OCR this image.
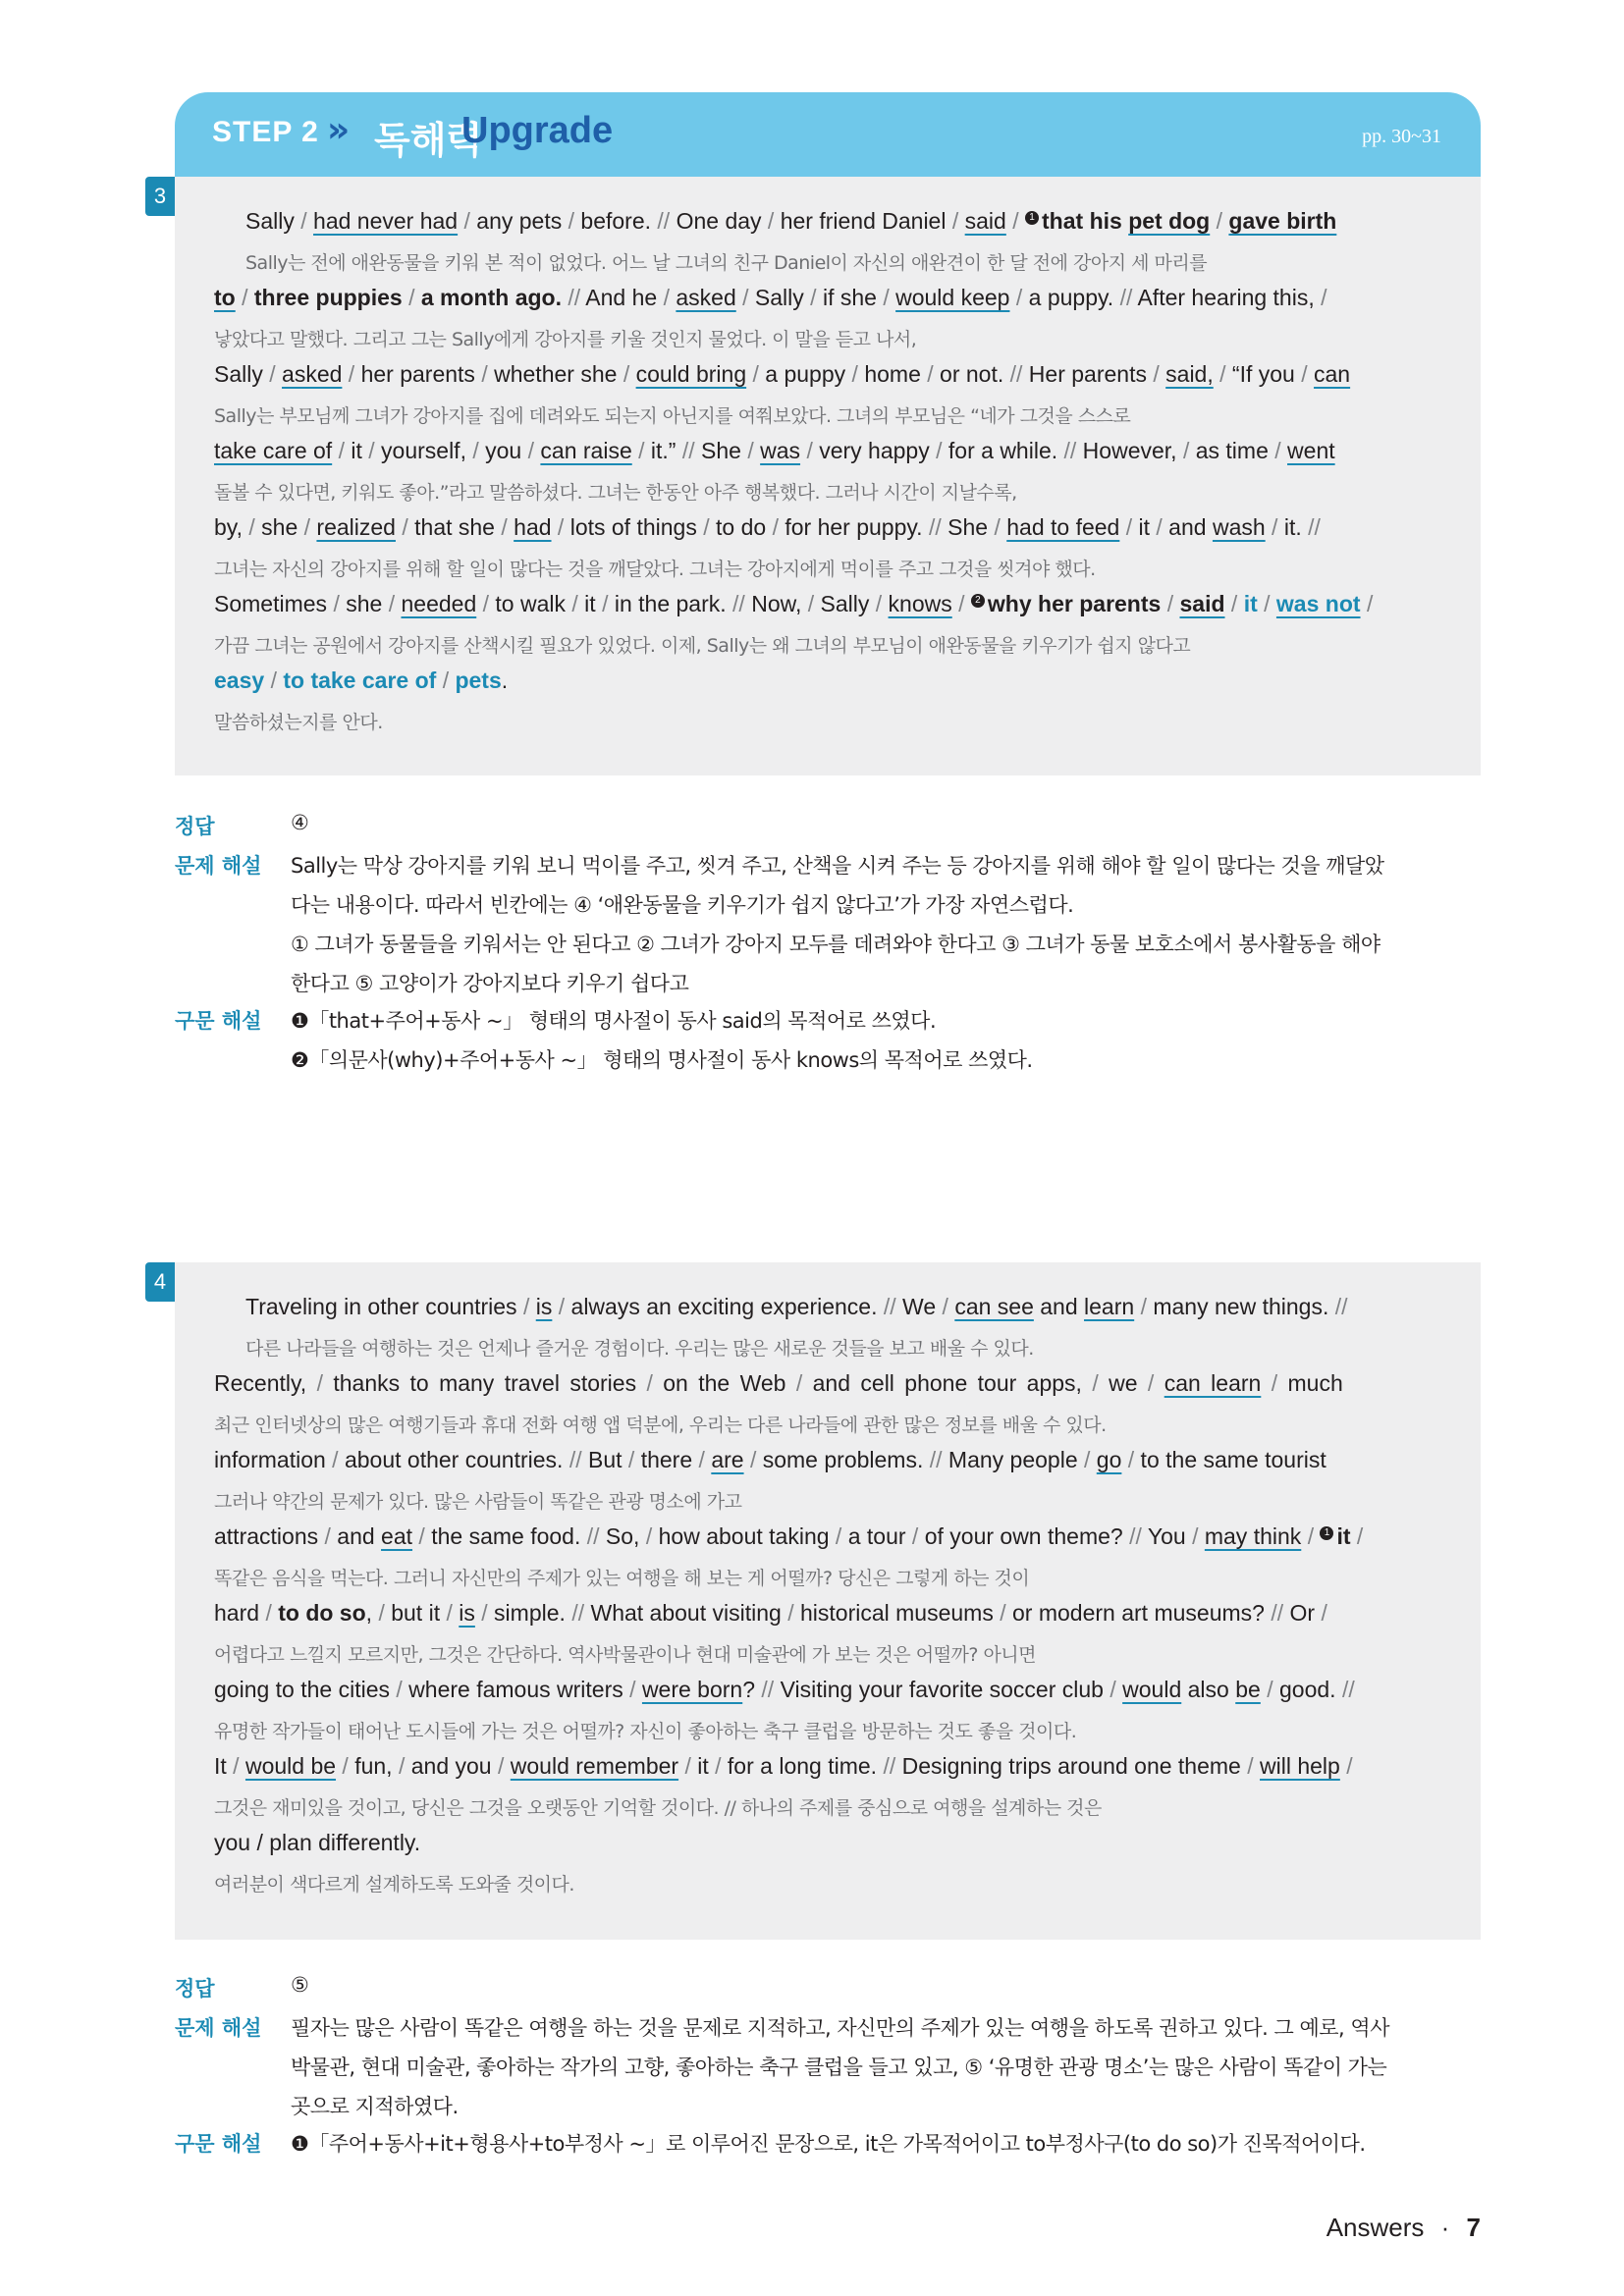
STEP 2 » 독해력
Upgrade	pp. 30~31
3
Sally / had never had / any pets / before. // One day / her friend Daniel / said / 1 that his pet dog / gave birth
Sally는 전에 애완동물을 키워 본 적이 없었다. 어느 날 그녀의 친구 Daniel이 자신의 애완견이 한 달 전에 강아지 세 마리를
to / three puppies / a month ago. // And he / asked / Sally / if she / would keep / a puppy. // After hearing this, /
낳았다고 말했다. 그리고 그는 Sally에게 강아지를 키울 것인지 물었다. 이 말을 듣고 나서,
Sally / asked / her parents / whether she / could bring / a puppy / home / or not. // Her parents / said, / “If you / can
Sally는 부모님께 그녀가 강아지를 집에 데려와도 되는지 아닌지를 여쭤보았다. 그녀의 부모님은 “네가 그것을 스스로
take care of / it / yourself, / you / can raise / it.” // She / was / very happy / for a while. // However, / as time / went
돌볼 수 있다면, 키워도 좋아.”라고 말씀하셨다. 그녀는 한동안 아주 행복했다. 그러나 시간이 지날수록,
by, / she / realized / that she / had / lots of things / to do / for her puppy. // She / had to feed / it / and wash / it. //
그녀는 자신의 강아지를 위해 할 일이 많다는 것을 깨달았다. 그녀는 강아지에게 먹이를 주고 그것을 씻겨야 했다.
Sometimes / she / needed / to walk / it / in the park. // Now, / Sally / knows / 2 why her parents / said / it / was not /
가끔 그녀는 공원에서 강아지를 산책시킬 필요가 있었다. 이제, Sally는 왜 그녀의 부모님이 애완동물을 키우기가 쉽지 않다고
easy / to take care of / pets.
말씀하셨는지를 안다.
정답	④
문제 해설 Sally는 막상 강아지를 키워 보니 먹이를 주고, 씻겨 주고, 산책을 시켜 주는 등 강아지를 위해 해야 할 일이 많다는 것을 깨달았
다는 내용이다. 따라서 빈칸에는 ④ ‘애완동물을 키우기가 쉽지 않다고’가 가장 자연스럽다.
① 그녀가 동물들을 키워서는 안 된다고 ② 그녀가 강아지 모두를 데려와야 한다고 ③ 그녀가 동물 보호소에서 봉사활동을 해야
한다고 ⑤ 고양이가 강아지보다 키우기 쉽다고
구문 해설 ❶「that+주어+동사 ~」 형태의 명사절이 동사 said의 목적어로 쓰였다.
❷「의문사(why)+주어+동사 ~」 형태의 명사절이 동사 knows의 목적어로 쓰였다.
4
Traveling in other countries / is / always an exciting experience. // We / can see and learn / many new things. //
다른 나라들을 여행하는 것은 언제나 즐거운 경험이다. 우리는 많은 새로운 것들을 보고 배울 수 있다.
Recently, / thanks to many travel stories / on the Web / and cell phone tour apps, / we / can learn / much
최근 인터넷상의 많은 여행기들과 휴대 전화 여행 앱 덕분에, 우리는 다른 나라들에 관한 많은 정보를 배울 수 있다.
information / about other countries. // But / there / are / some problems. // Many people / go / to the same tourist
그러나 약간의 문제가 있다. 많은 사람들이 똑같은 관광 명소에 가고
attractions / and eat / the same food. // So, / how about taking / a tour / of your own theme? // You / may think / 1 it /
똑같은 음식을 먹는다. 그러니 자신만의 주제가 있는 여행을 해 보는 게 어떨까? 당신은 그렇게 하는 것이
hard / to do so, / but it / is / simple. // What about visiting / historical museums / or modern art museums? // Or /
어렵다고 느낄지 모르지만, 그것은 간단하다. 역사박물관이나 현대 미술관에 가 보는 것은 어떨까? 아니면
going to the cities / where famous writers / were born? // Visiting your favorite soccer club / would also be / good. //
유명한 작가들이 태어난 도시들에 가는 것은 어떨까? 자신이 좋아하는 축구 클럽을 방문하는 것도 좋을 것이다.
It / would be / fun, / and you / would remember / it / for a long time. // Designing trips around one theme / will help /
그것은 재미있을 것이고, 당신은 그것을 오랫동안 기억할 것이다. // 하나의 주제를 중심으로 여행을 설계하는 것은
you / plan differently.
여러분이 색다르게 설계하도록 도와줄 것이다.
정답	⑤
문제 해설 필자는 많은 사람이 똑같은 여행을 하는 것을 문제로 지적하고, 자신만의 주제가 있는 여행을 하도록 권하고 있다. 그 예로, 역사
박물관, 현대 미술관, 좋아하는 작가의 고향, 좋아하는 축구 클럽을 들고 있고, ⑤ ‘유명한 관광 명소’는 많은 사람이 똑같이 가는
곳으로 지적하였다.
구문 해설 ❶「주어+동사+it+형용사+to부정사 ~」로 이루어진 문장으로, it은 가목적어이고 to부정사구(to do so)가 진목적어이다.
Answers · 7
